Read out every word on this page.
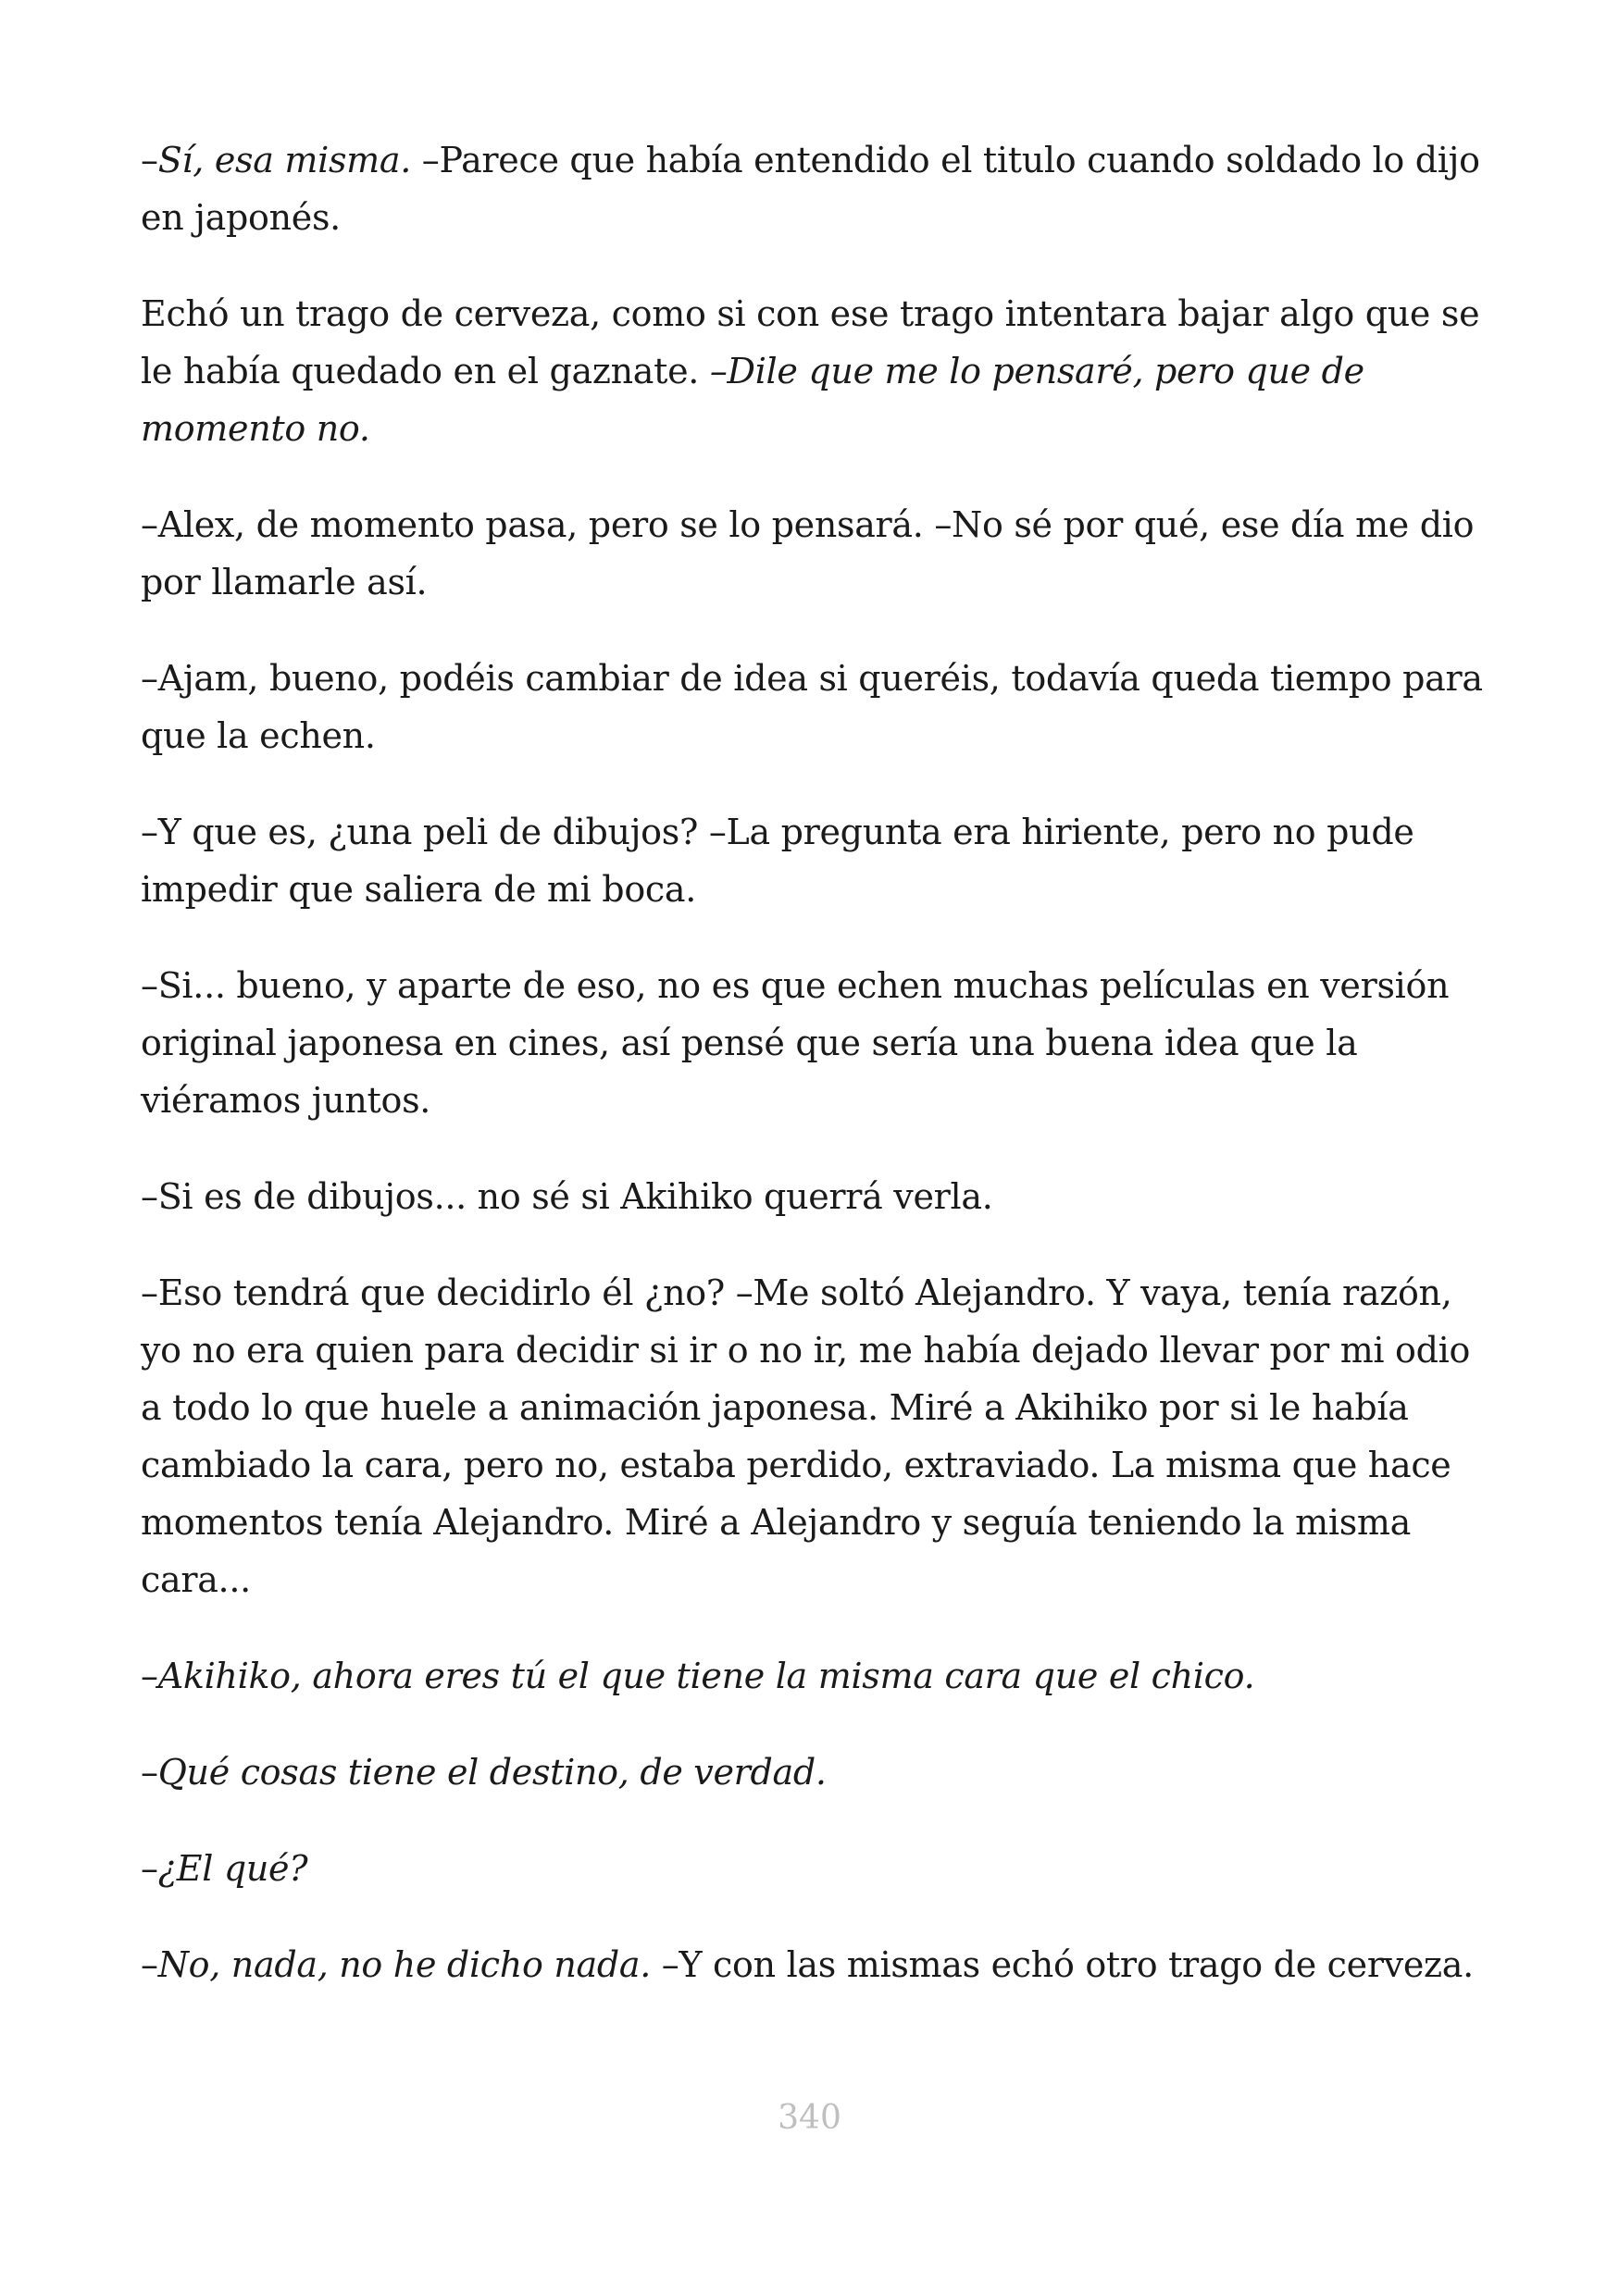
–Sí, esa misma. –Parece que había entendido el titulo cuando soldado lo dijo en japonés.

Echó un trago de cerveza, como si con ese trago intentara bajar algo que se le había quedado en el gaznate. –Dile que me lo pensaré, pero que de momento no.

–Alex, de momento pasa, pero se lo pensará. –No sé por qué, ese día me dio por llamarle así.

–Ajam, bueno, podéis cambiar de idea si queréis, todavía queda tiempo para que la echen.

–Y que es, ¿una peli de dibujos? –La pregunta era hiriente, pero no pude impedir que saliera de mi boca.

–Si... bueno, y aparte de eso, no es que echen muchas películas en versión original japonesa en cines, así pensé que sería una buena idea que la viéramos juntos.

–Si es de dibujos... no sé si Akihiko querrá verla.

–Eso tendrá que decidirlo él ¿no? –Me soltó Alejandro. Y vaya, tenía razón, yo no era quien para decidir si ir o no ir, me había dejado llevar por mi odio a todo lo que huele a animación japonesa. Miré a Akihiko por si le había cambiado la cara, pero no, estaba perdido, extraviado. La misma que hace momentos tenía Alejandro. Miré a Alejandro y seguía teniendo la misma cara...

–Akihiko, ahora eres tú el que tiene la misma cara que el chico.

–Qué cosas tiene el destino, de verdad.

–¿El qué?

–No, nada, no he dicho nada. –Y con las mismas echó otro trago de cerveza.

340
